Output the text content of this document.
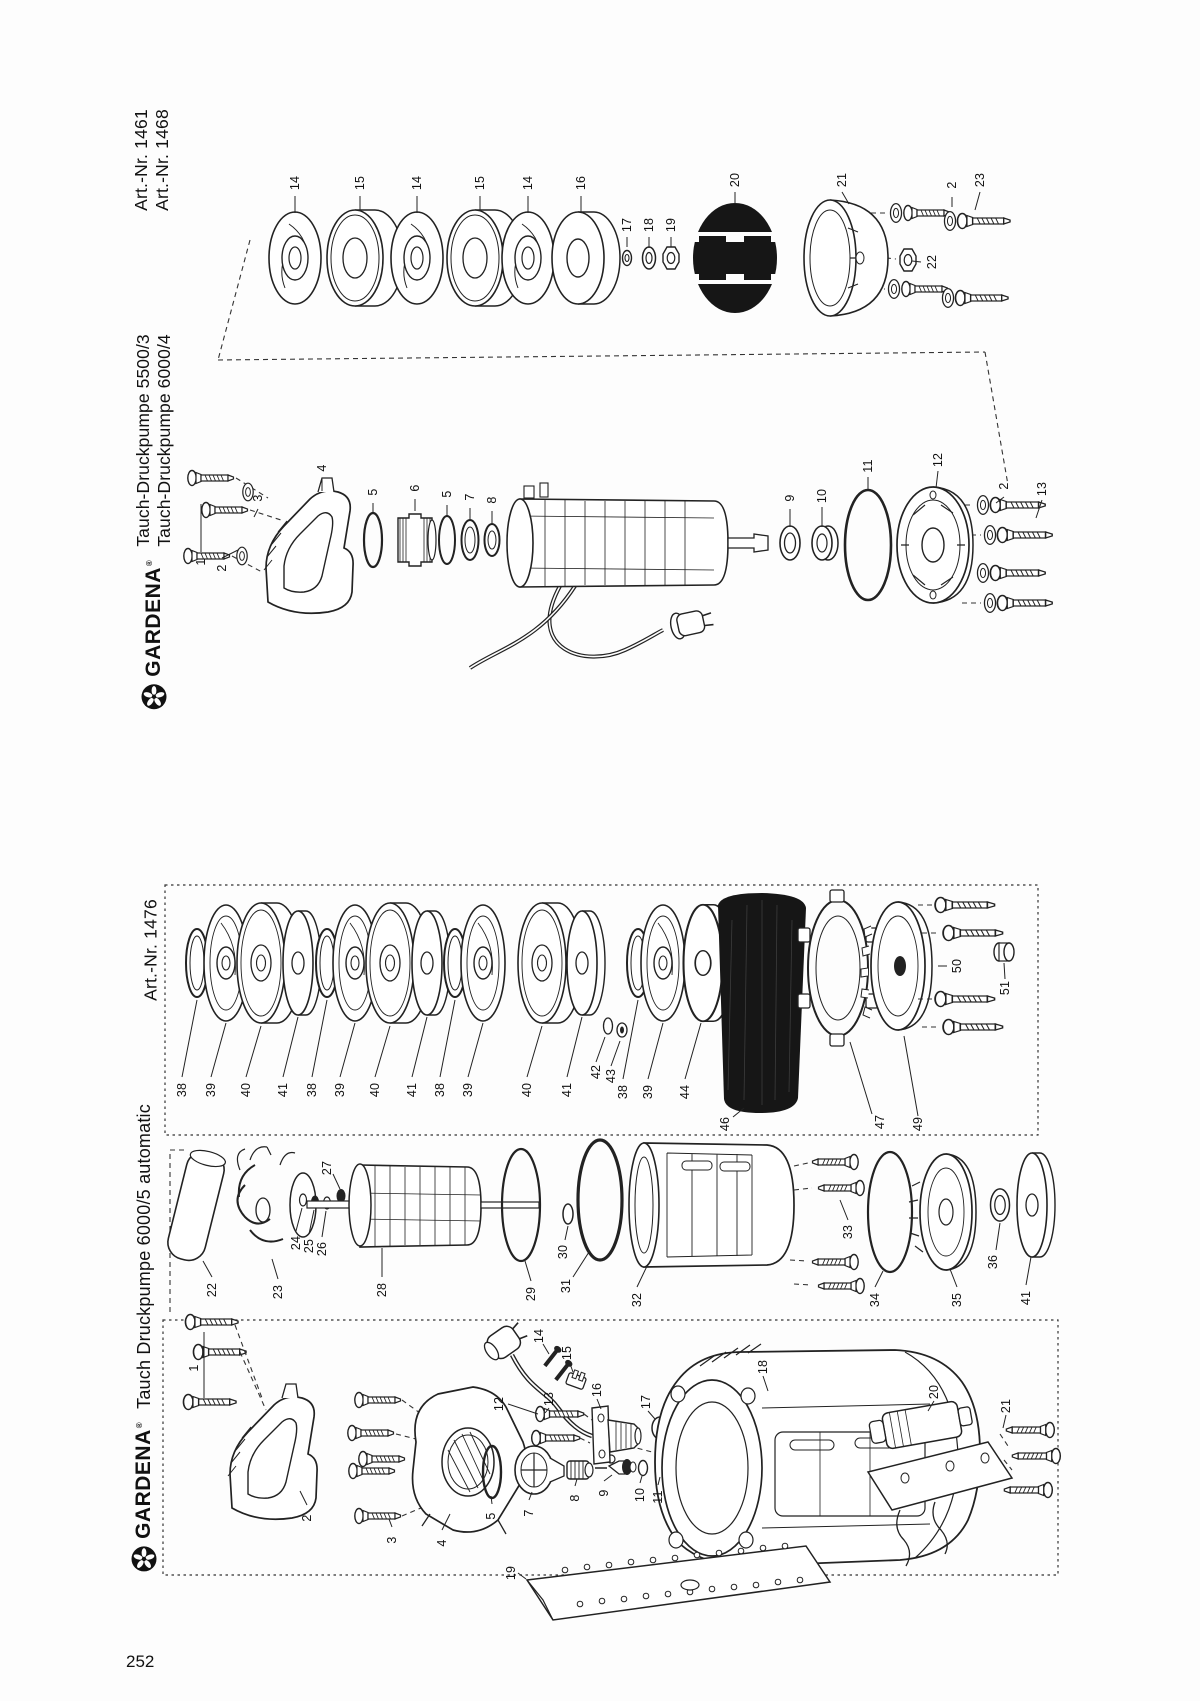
Art.-Nr. 1461 Art.-Nr. 1468
GARDENA®
Tauch-Druckpumpe 5500/3 Tauch-Druckpumpe 6000/4
Art.-Nr. 1476
GARDENA®
Tauch Druckpumpe 6000/5 automatic
14	15	14	15	14	16
17 18 19
20	21	2 23
22
1
2
3
4
5
6
5 7 8	9 10
11	12
2 13
38 39 40 41 38 39 40 41 38 39	40 41
42 43
38 39 44
46	47 49
50
51
22	23
24 25 26
27
28	29
30
31
32
33
34	35
36
41
1
2
3	4
5 7
8
9 10 11
12	13
14
15
16
17
18
19
20
21
252
